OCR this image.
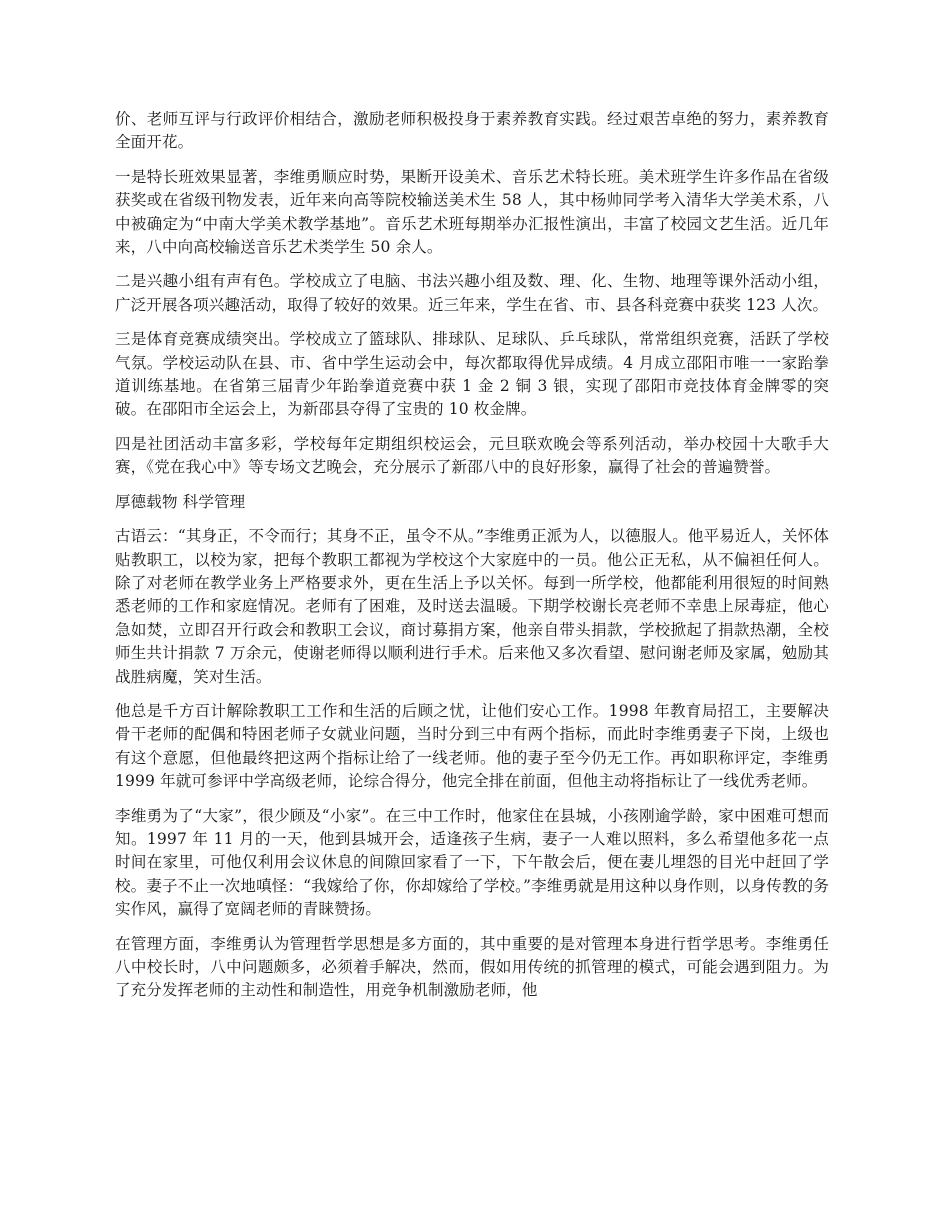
价、老师互评与行政评价相结合，激励老师积极投身于素养教育实践。经过艰苦卓绝的努力，素养教育全面开花。

一是特长班效果显著，李维勇顺应时势，果断开设美术、音乐艺术特长班。美术班学生许多作品在省级获奖或在省级刊物发表，近年来向高等院校输送美术生 58 人，其中杨帅同学考入清华大学美术系，八中被确定为“中南大学美术教学基地”。音乐艺术班每期举办汇报性演出，丰富了校园文艺生活。近几年来，八中向高校输送音乐艺术类学生 50 余人。

二是兴趣小组有声有色。学校成立了电脑、书法兴趣小组及数、理、化、生物、地理等课外活动小组，广泛开展各项兴趣活动，取得了较好的效果。近三年来，学生在省、市、县各科竞赛中获奖 123 人次。

三是体育竞赛成绩突出。学校成立了篮球队、排球队、足球队、乒乓球队，常常组织竞赛，活跃了学校气氛。学校运动队在县、市、省中学生运动会中，每次都取得优异成绩。4 月成立邵阳市唯一一家跆拳道训练基地。在省第三届青少年跆拳道竞赛中获 1 金 2 铜 3 银，实现了邵阳市竞技体育金牌零的突破。在邵阳市全运会上，为新邵县夺得了宝贵的 10 枚金牌。

四是社团活动丰富多彩，学校每年定期组织校运会，元旦联欢晚会等系列活动，举办校园十大歌手大赛，《党在我心中》等专场文艺晚会，充分展示了新邵八中的良好形象，赢得了社会的普遍赞誉。

厚德载物 科学管理

古语云：“其身正，不令而行；其身不正，虽令不从。”李维勇正派为人，以德服人。他平易近人，关怀体贴教职工，以校为家，把每个教职工都视为学校这个大家庭中的一员。他公正无私，从不偏袒任何人。除了对老师在教学业务上严格要求外，更在生活上予以关怀。每到一所学校，他都能利用很短的时间熟悉老师的工作和家庭情况。老师有了困难，及时送去温暖。下期学校谢长亮老师不幸患上尿毒症，他心急如焚，立即召开行政会和教职工会议，商讨募捐方案，他亲自带头捐款，学校掀起了捐款热潮，全校师生共计捐款 7 万余元，使谢老师得以顺利进行手术。后来他又多次看望、慰问谢老师及家属，勉励其战胜病魔，笑对生活。

他总是千方百计解除教职工工作和生活的后顾之忧，让他们安心工作。1998 年教育局招工，主要解决骨干老师的配偶和特困老师子女就业问题，当时分到三中有两个指标，而此时李维勇妻子下岗，上级也有这个意愿，但他最终把这两个指标让给了一线老师。他的妻子至今仍无工作。再如职称评定，李维勇 1999 年就可参评中学高级老师，论综合得分，他完全排在前面，但他主动将指标让了一线优秀老师。

李维勇为了“大家”，很少顾及“小家”。在三中工作时，他家住在县城，小孩刚逾学龄，家中困难可想而知。1997 年 11 月的一天，他到县城开会，适逢孩子生病，妻子一人难以照料，多么希望他多花一点时间在家里，可他仅利用会议休息的间隙回家看了一下，下午散会后，便在妻儿埋怨的目光中赶回了学校。妻子不止一次地嗔怪：“我嫁给了你，你却嫁给了学校。”李维勇就是用这种以身作则，以身传教的务实作风，赢得了宽阔老师的青睐赞扬。

在管理方面，李维勇认为管理哲学思想是多方面的，其中重要的是对管理本身进行哲学思考。李维勇任八中校长时，八中问题颇多，必须着手解决，然而，假如用传统的抓管理的模式，可能会遇到阻力。为了充分发挥老师的主动性和制造性，用竞争机制激励老师，他
